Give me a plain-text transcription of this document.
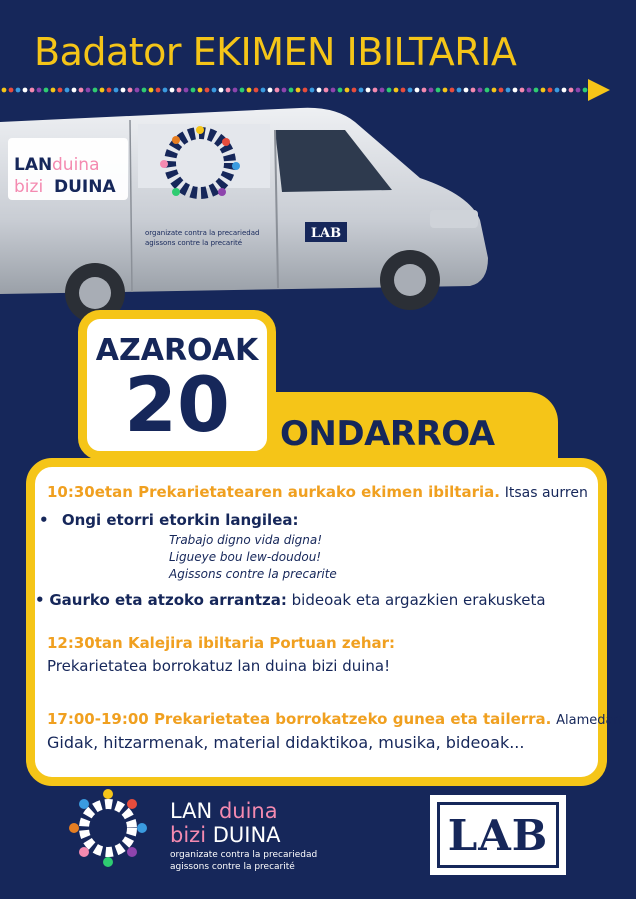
Badator EKIMEN IBILTARIA
LAN duina
bizi DUINA
organizate contra la precariedad
agissons contre la precarité
LAB
AZAROAK
20	ONDARROA
10:30etan Prekarietatearen aurkako ekimen ibiltaria. Itsas aurren
• Ongi etorri etorkin langilea:
Trabajo digno vida digna!
Ligueye bou lew-doudou!
Agissons contre la precarite
• Gaurko eta atzoko arrantza: bideoak eta argazkien erakusketa
12:30tan Kalejira ibiltaria Portuan zehar:
Prekarietatea borrokatuz lan duina bizi duina!
17:00-19:00 Prekarietatea borrokatzeko gunea eta tailerra. Alamedan
Gidak, hitzarmenak, material didaktikoa, musika, bideoak...
LAN duina
bizi DUINA
organizate contra la precariedad
agissons contre la precarité
LAB
